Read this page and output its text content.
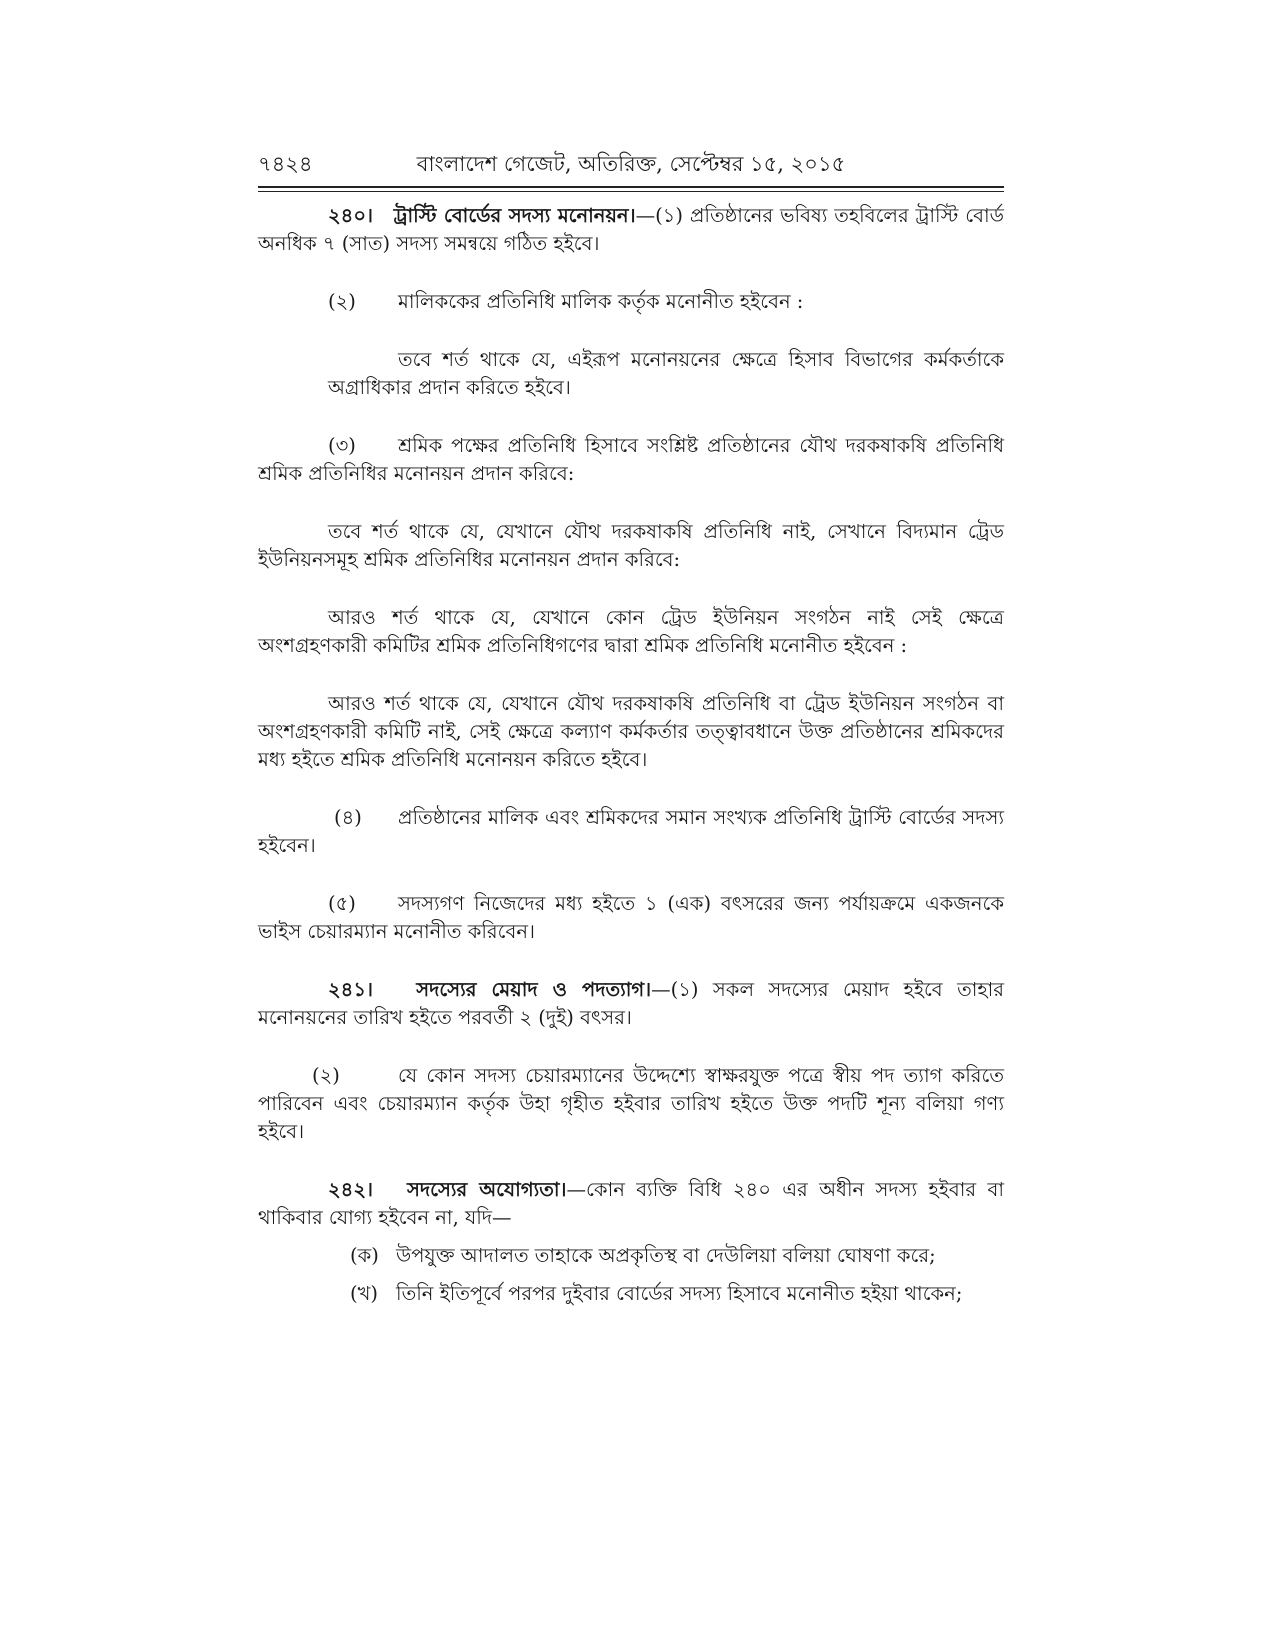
৭৪২৪	বাংলাদেশ গেজেট, অতিরিক্ত, সেপ্টেম্বর ১৫, ২০১৫
২৪০। ট্রাস্টি বোর্ডের সদস্য মনোনয়ন।—(১) প্রতিষ্ঠানের ভবিষ্য তহবিলের ট্রাস্টি বোর্ড অনধিক ৭ (সাত) সদস্য সমন্বয়ে গঠিত হইবে।
(২) মালিককের প্রতিনিধি মালিক কর্তৃক মনোনীত হইবেন :
তবে শর্ত থাকে যে, এইরূপ মনোনয়নের ক্ষেত্রে হিসাব বিভাগের কর্মকর্তাকে অগ্রাধিকার প্রদান করিতে হইবে।
(৩) শ্রমিক পক্ষের প্রতিনিধি হিসাবে সংশ্লিষ্ট প্রতিষ্ঠানের যৌথ দরকষাকষি প্রতিনিধি শ্রমিক প্রতিনিধির মনোনয়ন প্রদান করিবে:
তবে শর্ত থাকে যে, যেখানে যৌথ দরকষাকষি প্রতিনিধি নাই, সেখানে বিদ্যমান ট্রেড ইউনিয়নসমূহ শ্রমিক প্রতিনিধির মনোনয়ন প্রদান করিবে:
আরও শর্ত থাকে যে, যেখানে কোন ট্রেড ইউনিয়ন সংগঠন নাই সেই ক্ষেত্রে অংশগ্রহণকারী কমিটির শ্রমিক প্রতিনিধিগণের দ্বারা শ্রমিক প্রতিনিধি মনোনীত হইবেন :
আরও শর্ত থাকে যে, যেখানে যৌথ দরকষাকষি প্রতিনিধি বা ট্রেড ইউনিয়ন সংগঠন বা অংশগ্রহণকারী কমিটি নাই, সেই ক্ষেত্রে কল্যাণ কর্মকর্তার তত্ত্বাবধানে উক্ত প্রতিষ্ঠানের শ্রমিকদের মধ্য হইতে শ্রমিক প্রতিনিধি মনোনয়ন করিতে হইবে।
(৪) প্রতিষ্ঠানের মালিক এবং শ্রমিকদের সমান সংখ্যক প্রতিনিধি ট্রাস্টি বোর্ডের সদস্য হইবেন।
(৫) সদস্যগণ নিজেদের মধ্য হইতে ১ (এক) বৎসরের জন্য পর্যায়ক্রমে একজনকে ভাইস চেয়ারম্যান মনোনীত করিবেন।
২৪১। সদস্যের মেয়াদ ও পদত্যাগ।—(১) সকল সদস্যের মেয়াদ হইবে তাহার মনোনয়নের তারিখ হইতে পরবর্তী ২ (দুই) বৎসর।
(২)	যে কোন সদস্য চেয়ারম্যানের উদ্দেশ্যে স্বাক্ষরযুক্ত পত্রে স্বীয় পদ ত্যাগ করিতে পারিবেন এবং চেয়ারম্যান কর্তৃক উহা গৃহীত হইবার তারিখ হইতে উক্ত পদটি শূন্য বলিয়া গণ্য হইবে।
২৪২। সদস্যের অযোগ্যতা।—কোন ব্যক্তি বিধি ২৪০ এর অধীন সদস্য হইবার বা থাকিবার যোগ্য হইবেন না, যদি—
(ক) উপযুক্ত আদালত তাহাকে অপ্রকৃতিস্থ বা দেউলিয়া বলিয়া ঘোষণা করে;
(খ) তিনি ইতিপূর্বে পরপর দুইবার বোর্ডের সদস্য হিসাবে মনোনীত হইয়া থাকেন;
